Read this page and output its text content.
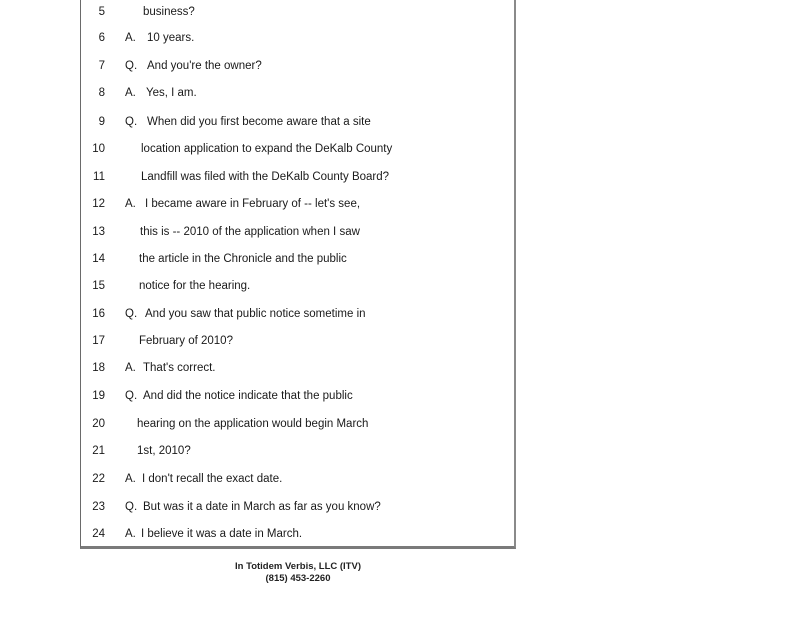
5	business?
6 A. 10 years.
7 Q. And you're the owner?
8 A. Yes, I am.
9 Q. When did you first become aware that a site
10	location application to expand the DeKalb County
11	Landfill was filed with the DeKalb County Board?
12 A. I became aware in February of -- let's see,
13	this is -- 2010 of the application when I saw
14	the article in the Chronicle and the public
15	notice for the hearing.
16 Q. And you saw that public notice sometime in
17	February of 2010?
18 A. That's correct.
19 Q. And did the notice indicate that the public
20	hearing on the application would begin March
21	1st, 2010?
22 A. I don't recall the exact date.
23 Q. But was it a date in March as far as you know?
24 A. I believe it was a date in March.
In Totidem Verbis, LLC (ITV)
(815) 453-2260
